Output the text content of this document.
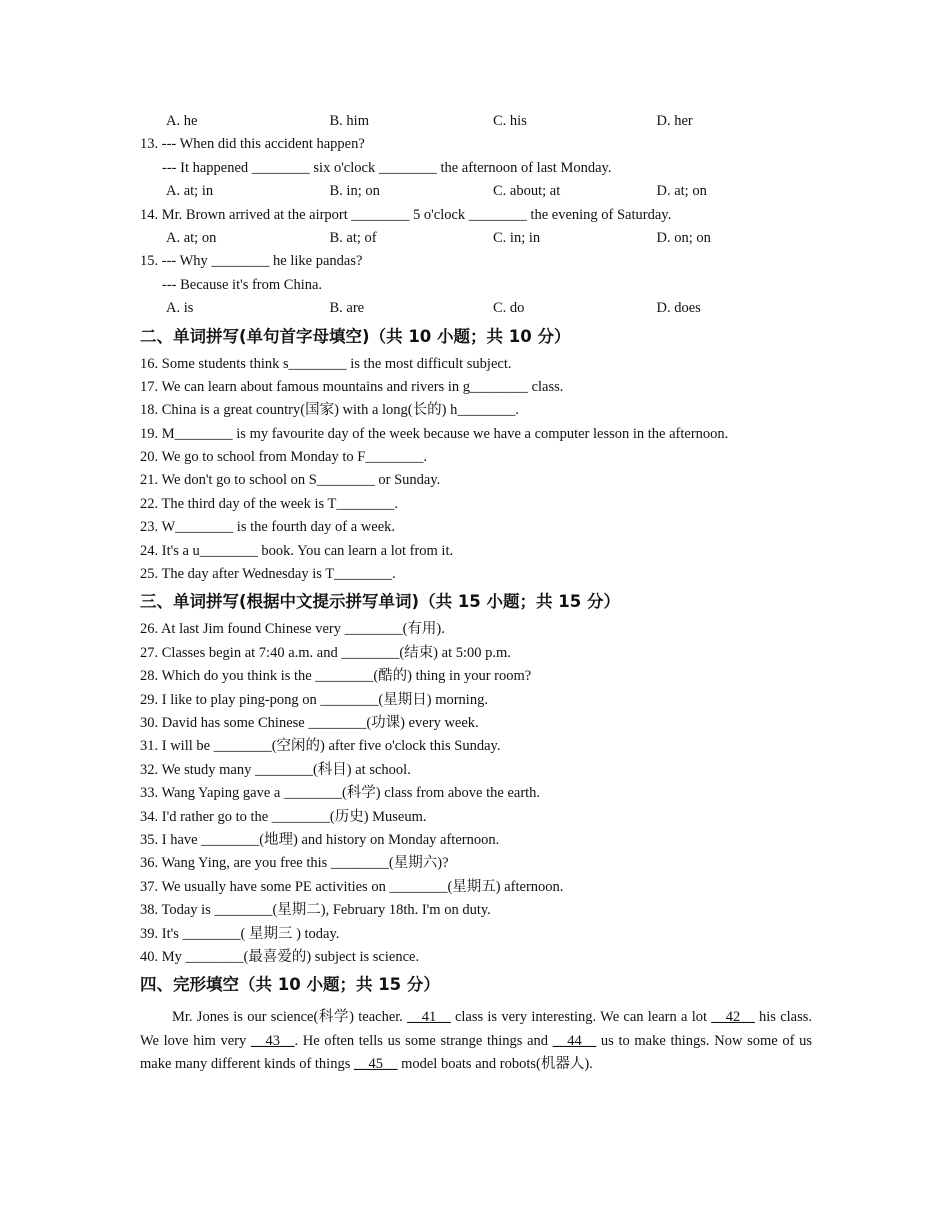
A. he	B. him	C. his	D. her
13. --- When did this accident happen?
--- It happened ________ six o'clock ________ the afternoon of last Monday.
A. at; in	B. in; on	C. about; at	D. at; on
14. Mr. Brown arrived at the airport ________ 5 o'clock ________ the evening of Saturday.
A. at; on	B. at; of	C. in; in	D. on; on
15. --- Why ________ he like pandas?
--- Because it's from China.
A. is	B. are	C. do	D. does
二、单词拼写(单句首字母填空)（共 10 小题；共 10 分）
16. Some students think s________ is the most difficult subject.
17. We can learn about famous mountains and rivers in g________ class.
18. China is a great country(国家) with a long(长的) h________.
19. M________ is my favourite day of the week because we have a computer lesson in the afternoon.
20. We go to school from Monday to F________.
21. We don't go to school on S________ or Sunday.
22. The third day of the week is T________.
23. W________ is the fourth day of a week.
24. It's a u________ book. You can learn a lot from it.
25. The day after Wednesday is T________.
三、单词拼写(根据中文提示拼写单词)（共 15 小题；共 15 分）
26. At last Jim found Chinese very ________(有用).
27. Classes begin at 7:40 a.m. and ________(结束) at 5:00 p.m.
28. Which do you think is the ________(酷的) thing in your room?
29. I like to play ping-pong on ________(星期日) morning.
30. David has some Chinese ________(功课) every week.
31. I will be ________(空闲的) after five o'clock this Sunday.
32. We study many ________(科目) at school.
33. Wang Yaping gave a ________(科学) class from above the earth.
34. I'd rather go to the ________(历史) Museum.
35. I have ________(地理) and history on Monday afternoon.
36. Wang Ying, are you free this ________(星期六)?
37. We usually have some PE activities on ________(星期五) afternoon.
38. Today is ________(星期二), February 18th. I'm on duty.
39. It's ________( 星期三 ) today.
40. My ________(最喜爱的) subject is science.
四、完形填空（共 10 小题；共 15 分）

Mr. Jones is our science(科学) teacher. __41__ class is very interesting. We can learn a lot __42__ his class. We love him very __43__. He often tells us some strange things and __44__ us to make things. Now some of us make many different kinds of things __45__ model boats and robots(机器人).
